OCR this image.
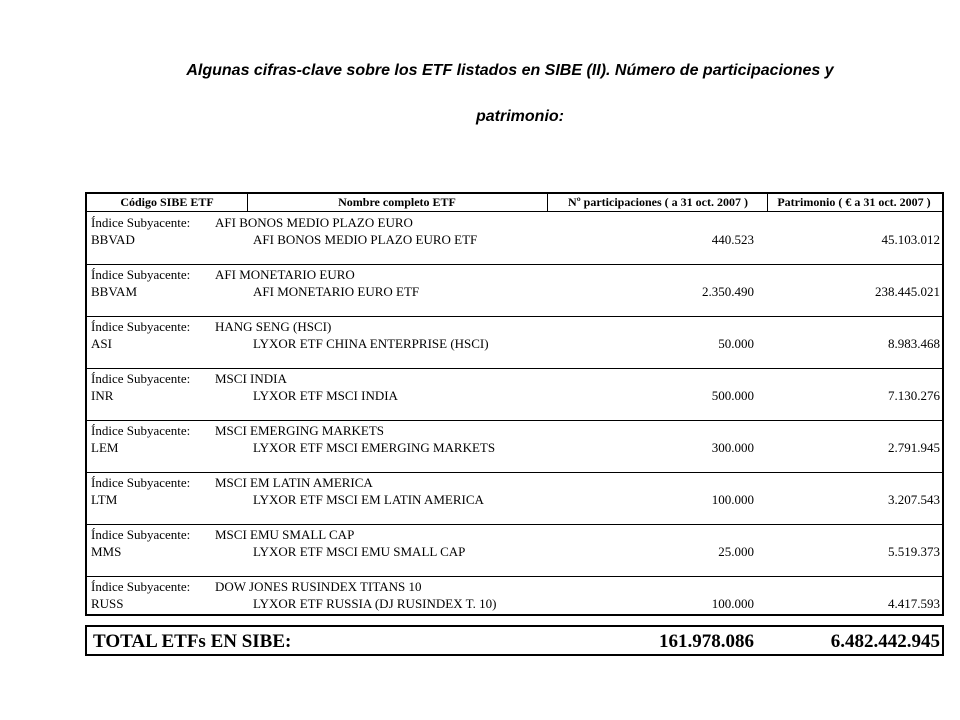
Algunas cifras-clave sobre los ETF listados en SIBE (II). Número de participaciones y
patrimonio:
Código SIBE ETF	Nombre completo ETF	Nº participaciones ( a 31 oct. 2007 )	Patrimonio ( € a 31 oct. 2007 )
Índice Subyacente: AFI BONOS MEDIO PLAZO EURO
BBVAD	AFI BONOS MEDIO PLAZO EURO ETF	440.523	45.103.012
Índice Subyacente: AFI MONETARIO EURO
BBVAM	AFI MONETARIO EURO ETF	2.350.490	238.445.021
Índice Subyacente: HANG SENG (HSCI)
ASI	LYXOR ETF CHINA ENTERPRISE (HSCI)	50.000	8.983.468
Índice Subyacente: MSCI INDIA
INR	LYXOR ETF MSCI INDIA	500.000	7.130.276
Índice Subyacente: MSCI EMERGING MARKETS
LEM	LYXOR ETF MSCI EMERGING MARKETS	300.000	2.791.945
Índice Subyacente: MSCI EM LATIN AMERICA
LTM	LYXOR ETF MSCI EM LATIN AMERICA	100.000	3.207.543
Índice Subyacente: MSCI EMU SMALL CAP
MMS	LYXOR ETF MSCI EMU SMALL CAP	25.000	5.519.373
Índice Subyacente: DOW JONES RUSINDEX TITANS 10
RUSS	LYXOR ETF RUSSIA (DJ RUSINDEX T. 10)	100.000	4.417.593
TOTAL ETFs EN SIBE:	161.978.086	6.482.442.945
